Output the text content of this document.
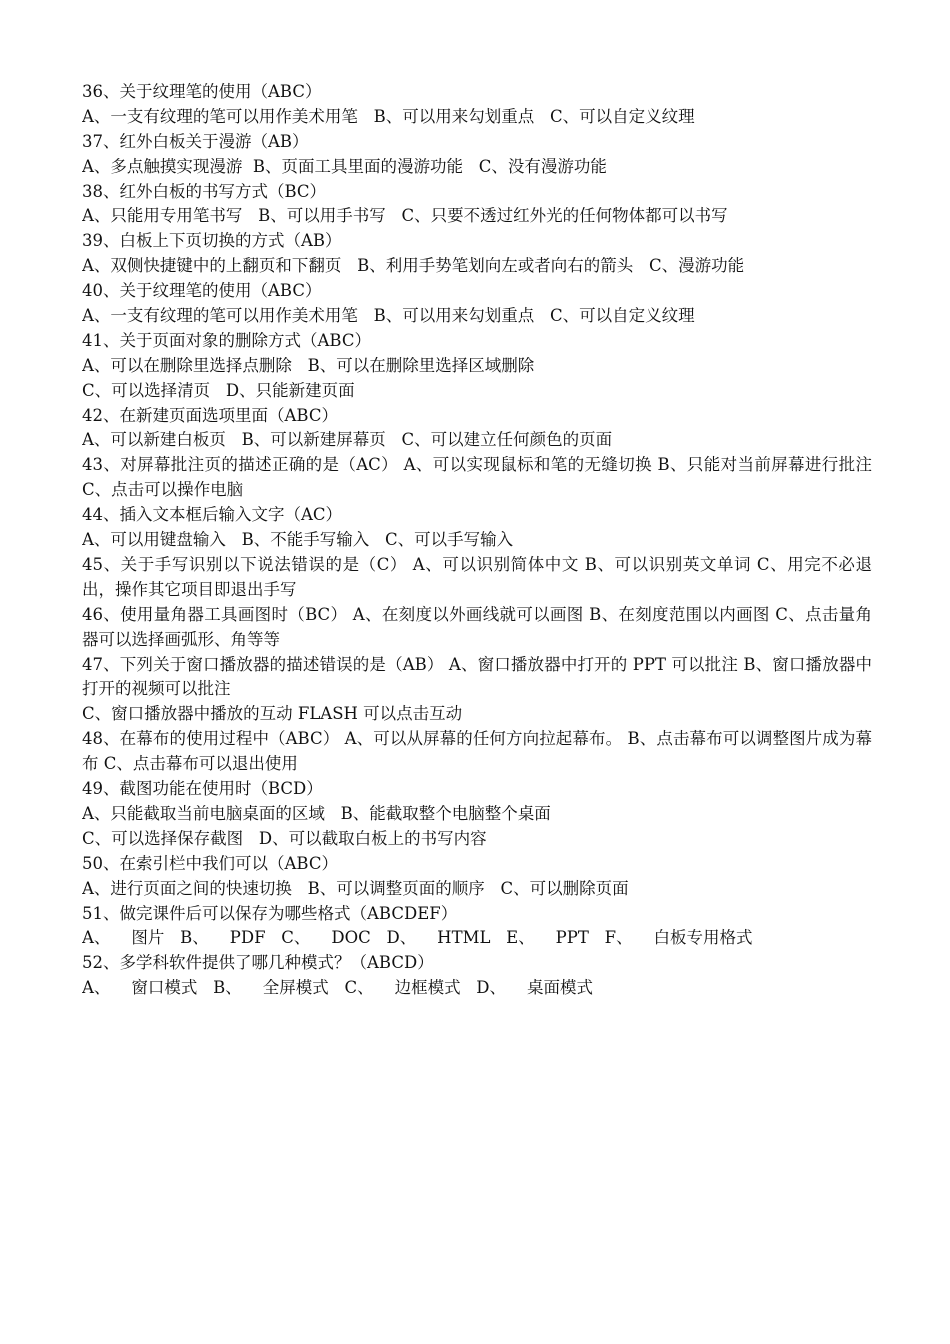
36、关于纹理笔的使用（ABC）
A、一支有纹理的笔可以用作美术用笔   B、可以用来勾划重点   C、可以自定义纹理
37、红外白板关于漫游（AB）
A、多点触摸实现漫游  B、页面工具里面的漫游功能   C、没有漫游功能
38、红外白板的书写方式（BC）
A、只能用专用笔书写   B、可以用手书写   C、只要不透过红外光的任何物体都可以书写
39、白板上下页切换的方式（AB）
A、双侧快捷键中的上翻页和下翻页   B、利用手势笔划向左或者向右的箭头   C、漫游功能
40、关于纹理笔的使用（ABC）
A、一支有纹理的笔可以用作美术用笔   B、可以用来勾划重点   C、可以自定义纹理
41、关于页面对象的删除方式（ABC）
A、可以在删除里选择点删除   B、可以在删除里选择区域删除
C、可以选择清页   D、只能新建页面
42、在新建页面选项里面（ABC）
A、可以新建白板页   B、可以新建屏幕页   C、可以建立任何颜色的页面
43、对屏幕批注页的描述正确的是（AC） A、可以实现鼠标和笔的无缝切换 B、只能对当前屏幕进行批注 C、点击可以操作电脑
44、插入文本框后输入文字（AC）
A、可以用键盘输入   B、不能手写输入   C、可以手写输入
45、关于手写识别以下说法错误的是（C） A、可以识别简体中文 B、可以识别英文单词 C、用完不必退出，操作其它项目即退出手写
46、使用量角器工具画图时（BC） A、在刻度以外画线就可以画图 B、在刻度范围以内画图 C、点击量角器可以选择画弧形、角等等
47、下列关于窗口播放器的描述错误的是（AB） A、窗口播放器中打开的 PPT 可以批注 B、窗口播放器中打开的视频可以批注
C、窗口播放器中播放的互动 FLASH 可以点击互动
48、在幕布的使用过程中（ABC） A、可以从屏幕的任何方向拉起幕布。 B、点击幕布可以调整图片成为幕布 C、点击幕布可以退出使用
49、截图功能在使用时（BCD）
A、只能截取当前电脑桌面的区域   B、能截取整个电脑整个桌面
C、可以选择保存截图   D、可以截取白板上的书写内容
50、在索引栏中我们可以（ABC）
A、进行页面之间的快速切换   B、可以调整页面的顺序   C、可以删除页面
51、做完课件后可以保存为哪些格式（ABCDEF）
A、    图片   B、    PDF   C、    DOC   D、    HTML   E、    PPT   F、    白板专用格式
52、多学科软件提供了哪几种模式？（ABCD）
A、    窗口模式   B、    全屏模式   C、    边框模式   D、    桌面模式
